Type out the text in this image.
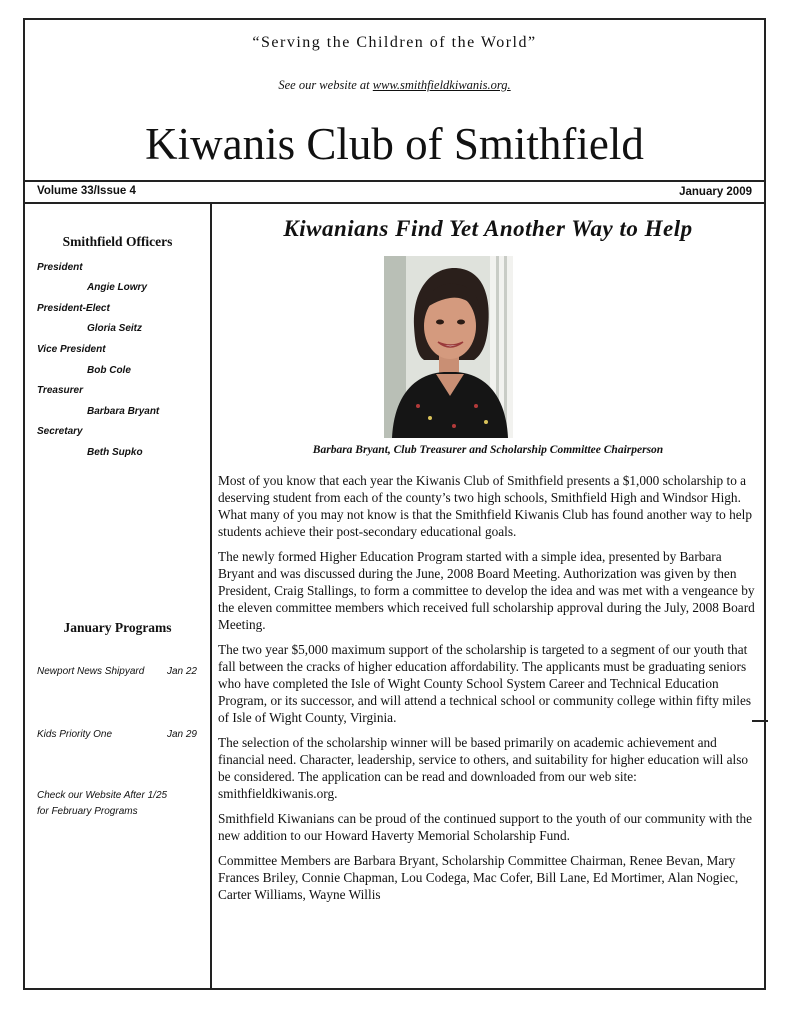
“Serving the Children of the World”
See our website at www.smithfieldkiwanis.org.
Kiwanis Club of Smithfield
Volume 33/Issue 4	January 2009
Smithfield Officers
President
Angie Lowry
President-Elect
Gloria Seitz
Vice President
Bob Cole
Treasurer
Barbara Bryant
Secretary
Beth Supko
January Programs
Newport News Shipyard Jan 22
Kids Priority One	Jan 29
Check our Website After 1/25 for February Programs
Kiwanians Find Yet Another Way to Help
Barbara Bryant, Club Treasurer and Scholarship Committee Chairperson

Most of you know that each year the Kiwanis Club of Smithfield presents a $1,000 scholarship to a deserving student from each of the county’s two high schools, Smithfield High and Windsor High. What many of you may not know is that the Smithfield Kiwanis Club has found another way to help students achieve their post-secondary educational goals.

The newly formed Higher Education Program started with a simple idea, presented by Barbara Bryant and was discussed during the June, 2008 Board Meeting. Authorization was given by then President, Craig Stallings, to form a committee to develop the idea and was met with a vengeance by the eleven committee members which received full scholarship approval during the July, 2008 Board Meeting.

The two year $5,000 maximum support of the scholarship is targeted to a segment of our youth that fall between the cracks of higher education affordability. The applicants must be graduating seniors who have completed the Isle of Wight County School System Career and Technical Education Program, or its successor, and will attend a technical school or community college within fifty miles of Isle of Wight County, Virginia.

The selection of the scholarship winner will be based primarily on academic achievement and financial need. Character, leadership, service to others, and suitability for higher education will also be considered. The application can be read and downloaded from our web site: smithfieldkiwanis.org.

Smithfield Kiwanians can be proud of the continued support to the youth of our community with the new addition to our Howard Haverty Memorial Scholarship Fund.

Committee Members are Barbara Bryant, Scholarship Committee Chairman, Renee Bevan, Mary Frances Briley, Connie Chapman, Lou Codega, Mac Cofer, Bill Lane, Ed Mortimer, Alan Nogiec, Carter Williams, Wayne Willis
